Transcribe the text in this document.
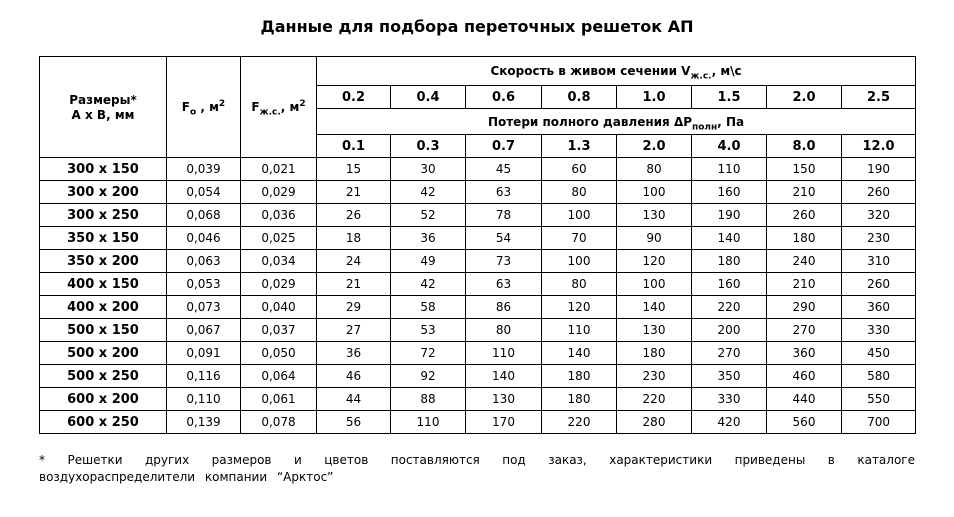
Данные для подбора переточных решеток АП
Размеры*
A x B, мм	$F_o$ , $м^2$	$F_{ж.с.}$, $м^2$	Скорость в живом сечении $V_{ж.с.}$, м\с							
			0.2	0.4	0.6	0.8	1.0	1.5	2.0	2.5
			Потери полного давления $\Delta P_{полн}$, Па							
			0.1	0.3	0.7	1.3	2.0	4.0	8.0	12.0
300 x 150	0,039	0,021	15	30	45	60	80	110	150	190
300 x 200	0,054	0,029	21	42	63	80	100	160	210	260
300 x 250	0,068	0,036	26	52	78	100	130	190	260	320
350 x 150	0,046	0,025	18	36	54	70	90	140	180	230
350 x 200	0,063	0,034	24	49	73	100	120	180	240	310
400 x 150	0,053	0,029	21	42	63	80	100	160	210	260
400 x 200	0,073	0,040	29	58	86	120	140	220	290	360
500 x 150	0,067	0,037	27	53	80	110	130	200	270	330
500 x 200	0,091	0,050	36	72	110	140	180	270	360	450
500 x 250	0,116	0,064	46	92	140	180	230	350	460	580
600 x 200	0,110	0,061	44	88	130	180	220	330	440	550
600 x 250	0,139	0,078	56	110	170	220	280	420	560	700
* Решетки других размеров и цветов поставляются под заказ, характеристики приведены в каталоге воздухораспределители компании “Арктос”
